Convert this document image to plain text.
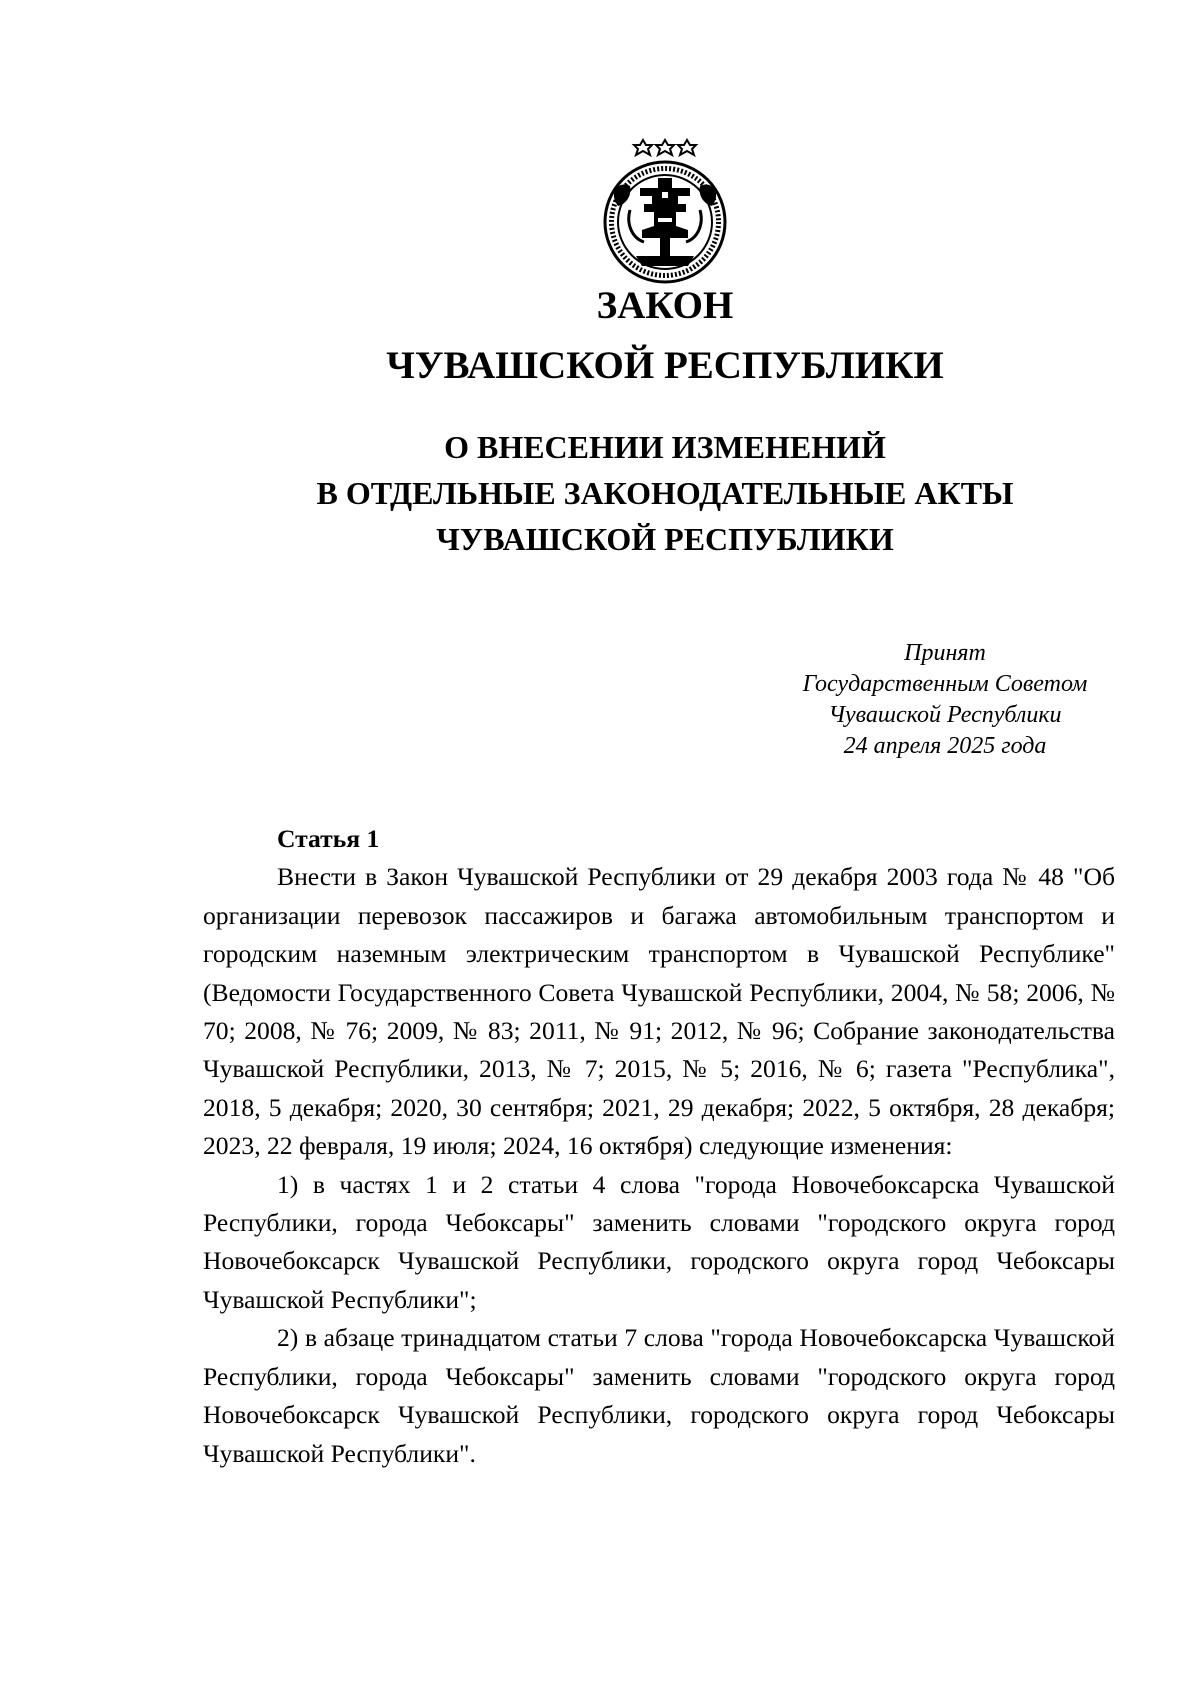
ЗАКОН
ЧУВАШСКОЙ РЕСПУБЛИКИ
О ВНЕСЕНИИ ИЗМЕНЕНИЙ
В ОТДЕЛЬНЫЕ ЗАКОНОДАТЕЛЬНЫЕ АКТЫ
ЧУВАШСКОЙ РЕСПУБЛИКИ
Принят
Государственным Советом
Чувашской Республики
24 апреля 2025 года

Статья 1

Внести в Закон Чувашской Республики от 29 декабря 2003 года № 48 "Об организации перевозок пассажиров и багажа автомобильным транспортом и городским наземным электрическим транспортом в Чувашской Республике" (Ведомости Государственного Совета Чувашской Республики, 2004, № 58; 2006, № 70; 2008, № 76; 2009, № 83; 2011, № 91; 2012, № 96; Собрание законодательства Чувашской Республики, 2013, № 7; 2015, № 5; 2016, № 6; газета "Республика", 2018, 5 декабря; 2020, 30 сентября; 2021, 29 декабря; 2022, 5 октября, 28 декабря; 2023, 22 февраля, 19 июля; 2024, 16 октября) следующие изменения:

1) в частях 1 и 2 статьи 4 слова "города Новочебоксарска Чувашской Республики, города Чебоксары" заменить словами "городского округа город Новочебоксарск Чувашской Республики, городского округа город Чебоксары Чувашской Республики";

2) в абзаце тринадцатом статьи 7 слова "города Новочебоксарска Чувашской Республики, города Чебоксары" заменить словами "городского округа город Новочебоксарск Чувашской Республики, городского округа город Чебоксары Чувашской Республики".
